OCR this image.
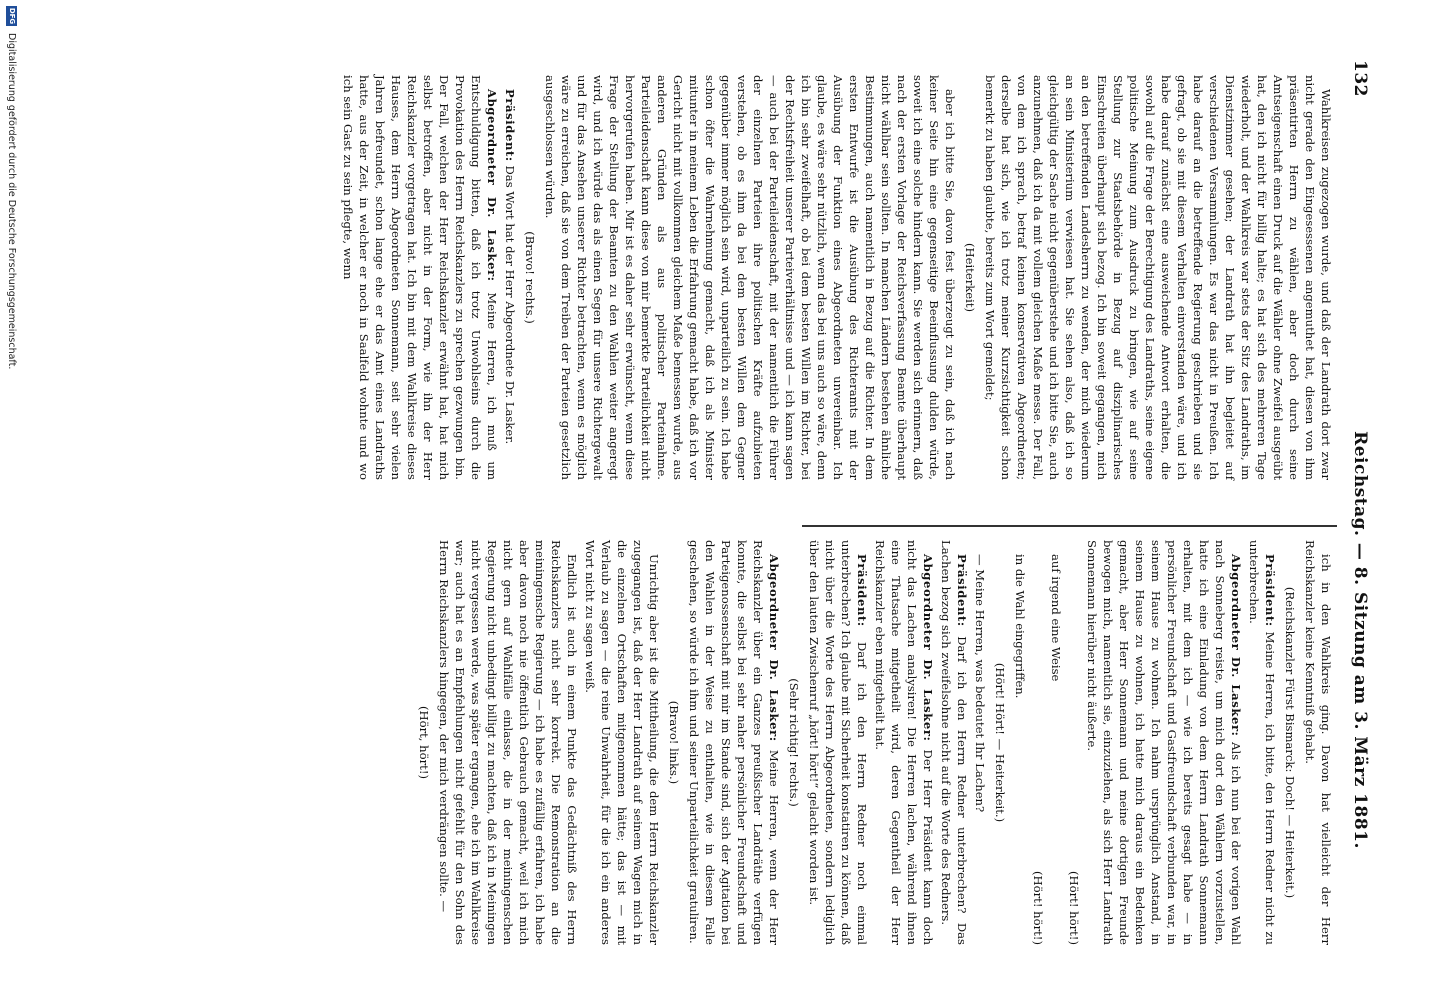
132
Reichstag. — 8. Sitzung am 3. März 1881.

Wahlkreisen zugezogen wurde, und daß der Landrath dort zwar nicht gerade den Eingesessenen angemuthet hat, diesen von ihm präsentirten Herrn zu wählen, aber doch durch seine Amtseigenschaft einen Druck auf die Wähler ohne Zweifel ausgeübt hat, den ich nicht für billig halte; es hat sich des mehreren Tage wiederholt, und der Wahlkreis war stets der Sitz des Landraths, im Dienstzimmer gesehen; der Landrath hat ihn begleitet auf verschiedenen Versammlungen. Es war das nicht in Preußen. Ich habe darauf an die betreffende Regierung geschrieben und sie gefragt, ob sie mit diesem Verhalten einverstanden wäre, und ich habe darauf zunächst eine ausweichende Antwort erhalten, die sowohl auf die Frage der Berechtigung des Landraths, seine eigene politische Meinung zum Ausdruck zu bringen, wie auf seine Stellung zur Staatsbehörde in Bezug auf disziplinarisches Einschreiten überhaupt sich bezog. Ich bin soweit gegangen, mich an den betreffenden Landesherrn zu wenden, der mich wiederum an sein Ministerium verwiesen hat. Sie sehen also, daß ich so gleichgültig der Sache nicht gegenüberstehe und ich bitte Sie, auch anzunehmen, daß ich da mit vollem gleichen Maße messe. Der Fall, von dem ich sprach, betraf keinen konservativen Abgeordneten; derselbe hat sich, wie ich trotz meiner Kurzsichtigkeit schon bemerkt zu haben glaubte, bereits zum Wort gemeldet;

(Heiterkeit)

aber ich bitte Sie, davon fest überzeugt zu sein, daß ich nach keiner Seite hin eine gegenseitige Beeinflussung dulden würde, soweit ich eine solche hindern kann. Sie werden sich erinnern, daß nach der ersten Vorlage der Reichsverfassung Beamte überhaupt nicht wählbar sein sollten. In manchen Ländern bestehen ähnliche Bestimmungen, auch namentlich in Bezug auf die Richter. In dem ersten Entwurfe ist die Ausübung des Richteramts mit der Ausübung der Funktion eines Abgeordneten unvereinbar. Ich glaube, es wäre sehr nützlich, wenn das bei uns auch so wäre, denn ich bin sehr zweifelhaft, ob bei dem besten Willen im Richter, bei der Rechtsfreiheit unserer Parteiverhältnisse und — ich kann sagen — auch bei der Parteileidenschaft, mit der namentlich die Führer der einzelnen Parteien ihre politischen Kräfte aufzubieten verstehen, ob es ihm da bei dem besten Willen dem Gegner gegenüber immer möglich sein wird, unparteilich zu sein. Ich habe schon öfter die Wahrnehmung gemacht, daß ich als Minister mitunter in meinem Leben die Erfahrung gemacht habe, daß ich vor Gericht nicht mit vollkommen gleichem Maße bemessen wurde, aus anderen Gründen als aus politischer Parteinahme. Parteileidenschaft kann diese von mir bemerkte Parteilichkeit nicht hervorgerufen haben. Mir ist es daher sehr erwünscht, wenn diese Frage der Stellung der Beamten zu den Wahlen weiter angeregt wird, und ich würde das als einen Segen für unsere Richtergewalt und für das Ansehen unserer Richter betrachten, wenn es möglich wäre zu erreichen, daß sie von dem Treiben der Parteien gesetzlich ausgeschlossen würden.

(Bravo! rechts.)

Präsident: Das Wort hat der Herr Abgeordnete Dr. Lasker.

Abgeordneter Dr. Lasker: Meine Herren, ich muß um Entschuldigung bitten, daß ich trotz Unwohlseins durch die Provokation des Herrn Reichskanzlers zu sprechen gezwungen bin. Der Fall, welchen der Herr Reichskanzler erwähnt hat, hat mich selbst betroffen, aber nicht in der Form, wie ihn der Herr Reichskanzler vorgetragen hat. Ich bin mit dem Wahlkreise dieses Hauses, dem Herrn Abgeordneten Sonnemann, seit sehr vielen Jahren befreundet, schon lange ehe er das Amt eines Landraths hatte, aus der Zeit, in welcher er noch in Saalfeld wohnte und wo ich sein Gast zu sein pflegte, wenn

ich in den Wahlkreis ging. Davon hat vielleicht der Herr Reichskanzler keine Kenntniß gehabt.

(Reichskanzler Fürst Bismarck: Doch! — Heiterkeit.)

Präsident: Meine Herren, ich bitte, den Herrn Redner nicht zu unterbrechen.

Abgeordneter Dr. Lasker: Als ich nun bei der vorigen Wahl nach Sonneberg reiste, um mich dort den Wählern vorzustellen, hatte ich eine Einladung von dem Herrn Landrath Sonnemann erhalten, mit dem ich — wie ich bereits gesagt habe — in persönlicher Freundschaft und Gastfreundschaft verbunden war, in seinem Hause zu wohnen. Ich nahm ursprünglich Anstand, in seinem Hause zu wohnen, ich hatte mich daraus ein Bedenken gemacht, aber Herr Sonnemann und meine dortigen Freunde bewogen mich, namentlich sie, einzuziehen, als sich Herr Landrath Sonnemann hierüber nicht äußerte.

(Hört! hört!)

auf irgend eine Weise

(Hört! hört!)

in die Wahl eingegriffen.

(Hört! Hört! — Heiterkeit.)

— Meine Herren, was bedeutet Ihr Lachen?

Präsident: Darf ich den Herrn Redner unterbrechen? Das Lachen bezog sich zweifelsohne nicht auf die Worte des Redners.

Abgeordneter Dr. Lasker: Der Herr Präsident kann doch nicht das Lachen analysiren! Die Herren lachen, während ihnen eine Thatsache mitgetheilt wird, deren Gegentheil der Herr Reichskanzler eben mitgetheilt hat.

Präsident: Darf ich den Herrn Redner noch einmal unterbrechen? Ich glaube mit Sicherheit konstatiren zu können, daß nicht über die Worte des Herrn Abgeordneten, sondern lediglich über den lauten Zwischenruf „hört! hört!“ gelacht worden ist.

(Sehr richtig! rechts.)

Abgeordneter Dr. Lasker: Meine Herren, wenn der Herr Reichskanzler über ein Ganzes preußischer Landräthe verfügen konnte, die selbst bei sehr naher persönlicher Freundschaft und Parteigenossenschaft mit mir im Stande sind, sich der Agitation bei den Wahlen in der Weise zu enthalten, wie in diesem Falle geschehen, so würde ich ihm und seiner Unparteilichkeit gratuliren.

(Bravo! links.)

Unrichtig aber ist die Mittheilung, die dem Herrn Reichskanzler zugegangen ist, daß der Herr Landrath auf seinem Wagen mich in die einzelnen Ortschaften mitgenommen hätte; das ist — mit Verlaub zu sagen — die reine Unwahrheit, für die ich ein anderes Wort nicht zu sagen weiß.

Endlich ist auch in einem Punkte das Gedächtniß des Herrn Reichskanzlers nicht sehr korrekt. Die Remonstration an die meiningensche Regierung — ich habe es zufällig erfahren, ich habe aber davon noch nie öffentlich Gebrauch gemacht, weil ich mich nicht gern auf Wahlfälle einlasse, die in der meiningenschen Regierung nicht unbedingt billigt zu machten, daß ich in Meiningen nicht vergessen werde, was später ergangen, ehe ich im Wahlkreise war; auch hat es an Empfehlungen nicht gefehlt für den Sohn des Herrn Reichskanzlers hingegen, der mich verdrängen sollte. —

(Hört, hört!)

DFG Digitalisierung gefördert durch die Deutsche Forschungsgemeinschaft.
